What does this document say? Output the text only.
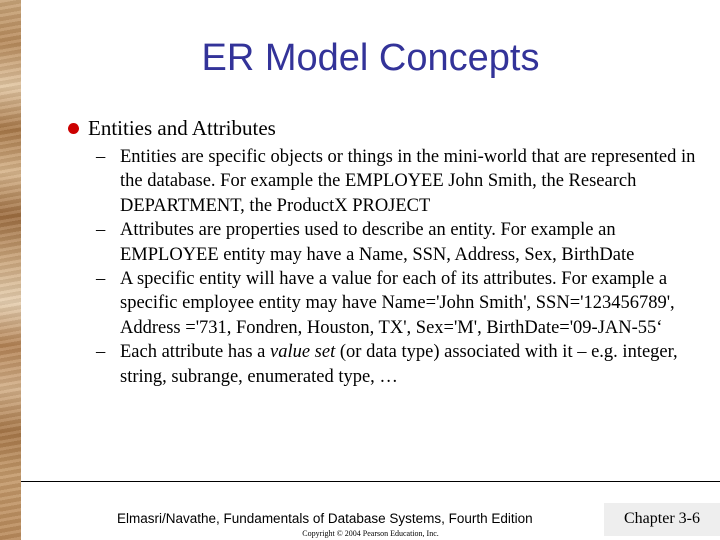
ER Model Concepts
Entities and Attributes
– Entities are specific objects or things in the mini-world that are represented in the database. For example the EMPLOYEE John Smith, the Research DEPARTMENT, the ProductX PROJECT
– Attributes are properties used to describe an entity. For example an EMPLOYEE entity may have a Name, SSN, Address, Sex, BirthDate
– A specific entity will have a value for each of its attributes. For example a specific employee entity may have Name='John Smith', SSN='123456789', Address ='731, Fondren, Houston, TX', Sex='M', BirthDate='09-JAN-55‘
– Each attribute has a value set (or data type) associated with it – e.g. integer, string, subrange, enumerated type, …
Elmasri/Navathe, Fundamentals of Database Systems, Fourth Edition	Chapter 3-6
Copyright © 2004 Pearson Education, Inc.
